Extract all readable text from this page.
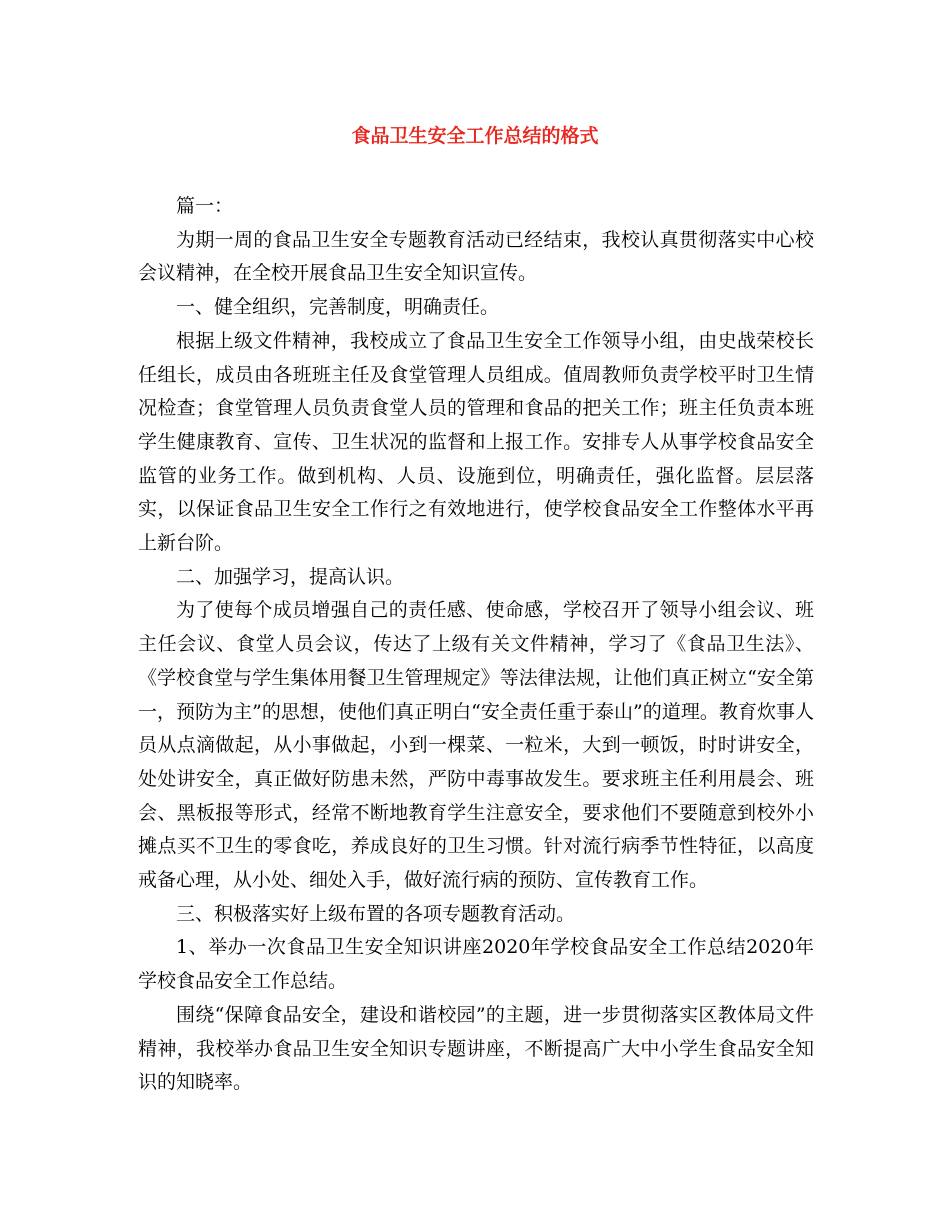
食品卫生安全工作总结的格式

篇一：

为期一周的食品卫生安全专题教育活动已经结束，我校认真贯彻落实中心校会议精神，在全校开展食品卫生安全知识宣传。

一、健全组织，完善制度，明确责任。

根据上级文件精神，我校成立了食品卫生安全工作领导小组，由史战荣校长任组长，成员由各班班主任及食堂管理人员组成。值周教师负责学校平时卫生情况检查；食堂管理人员负责食堂人员的管理和食品的把关工作；班主任负责本班学生健康教育、宣传、卫生状况的监督和上报工作。安排专人从事学校食品安全监管的业务工作。做到机构、人员、设施到位，明确责任，强化监督。层层落实，以保证食品卫生安全工作行之有效地进行，使学校食品安全工作整体水平再上新台阶。

二、加强学习，提高认识。

为了使每个成员增强自己的责任感、使命感，学校召开了领导小组会议、班主任会议、食堂人员会议，传达了上级有关文件精神，学习了《食品卫生法》、《学校食堂与学生集体用餐卫生管理规定》等法律法规，让他们真正树立“安全第一，预防为主”的思想，使他们真正明白“安全责任重于泰山”的道理。教育炊事人员从点滴做起，从小事做起，小到一棵菜、一粒米，大到一顿饭，时时讲安全，处处讲安全，真正做好防患未然，严防中毒事故发生。要求班主任利用晨会、班会、黑板报等形式，经常不断地教育学生注意安全，要求他们不要随意到校外小摊点买不卫生的零食吃，养成良好的卫生习惯。针对流行病季节性特征，以高度戒备心理，从小处、细处入手，做好流行病的预防、宣传教育工作。

三、积极落实好上级布置的各项专题教育活动。

1、举办一次食品卫生安全知识讲座2020年学校食品安全工作总结2020年学校食品安全工作总结。

围绕“保障食品安全，建设和谐校园”的主题，进一步贯彻落实区教体局文件精神，我校举办食品卫生安全知识专题讲座，不断提高广大中小学生食品安全知识的知晓率。
